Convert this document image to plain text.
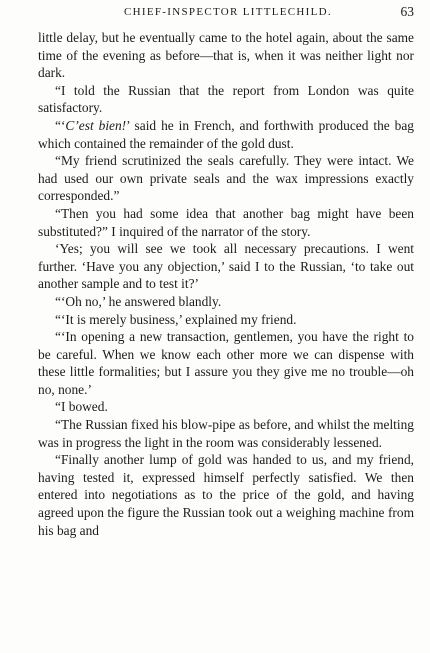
CHIEF-INSPECTOR LITTLECHILD.	63

little delay, but he eventually came to the hotel again, about the same time of the evening as before—that is, when it was neither light nor dark.

“I told the Russian that the report from London was quite satisfactory.

“‘C’est bien!’ said he in French, and forthwith produced the bag which contained the remainder of the gold dust.

“My friend scrutinized the seals carefully. They were intact. We had used our own private seals and the wax impressions exactly corresponded.”

“Then you had some idea that another bag might have been substituted?” I inquired of the narrator of the story.

‘Yes; you will see we took all necessary precautions. I went further. ‘Have you any objection,’ said I to the Russian, ‘to take out another sample and to test it?’

“‘Oh no,’ he answered blandly.

“‘It is merely business,’ explained my friend.

“‘In opening a new transaction, gentlemen, you have the right to be careful. When we know each other more we can dispense with these little formalities; but I assure you they give me no trouble—oh no, none.’

“I bowed.

“The Russian fixed his blow-pipe as before, and whilst the melting was in progress the light in the room was considerably lessened.

“Finally another lump of gold was handed to us, and my friend, having tested it, expressed himself perfectly satisfied. We then entered into negotiations as to the price of the gold, and having agreed upon the figure the Russian took out a weighing machine from his bag and
